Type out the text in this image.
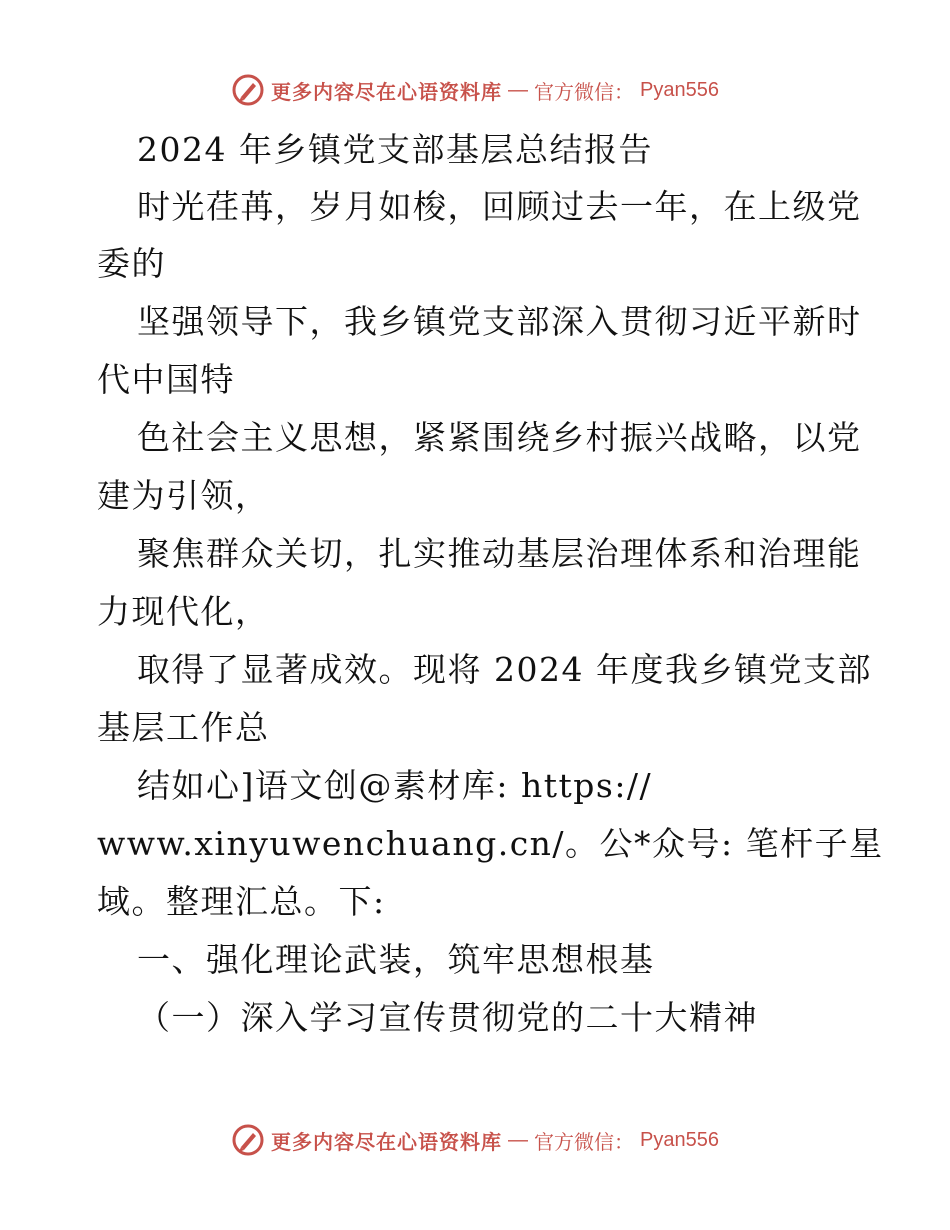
更多内容尽在心语资料库 — 官方微信： Pyan556
2024 年乡镇党支部基层总结报告
时光荏苒，岁月如梭，回顾过去一年，在上级党
委的
坚强领导下，我乡镇党支部深入贯彻习近平新时
代中国特
色社会主义思想，紧紧围绕乡村振兴战略，以党
建为引领，
聚焦群众关切，扎实推动基层治理体系和治理能
力现代化，
取得了显著成效。现将 2024 年度我乡镇党支部
基层工作总
结如心]语文创@素材库: https://
www.xinyuwenchuang.cn/。公*众号: 笔杆子星
域。整理汇总。下:
一、强化理论武装，筑牢思想根基
（一）深入学习宣传贯彻党的二十大精神
更多内容尽在心语资料库 — 官方微信： Pyan556
